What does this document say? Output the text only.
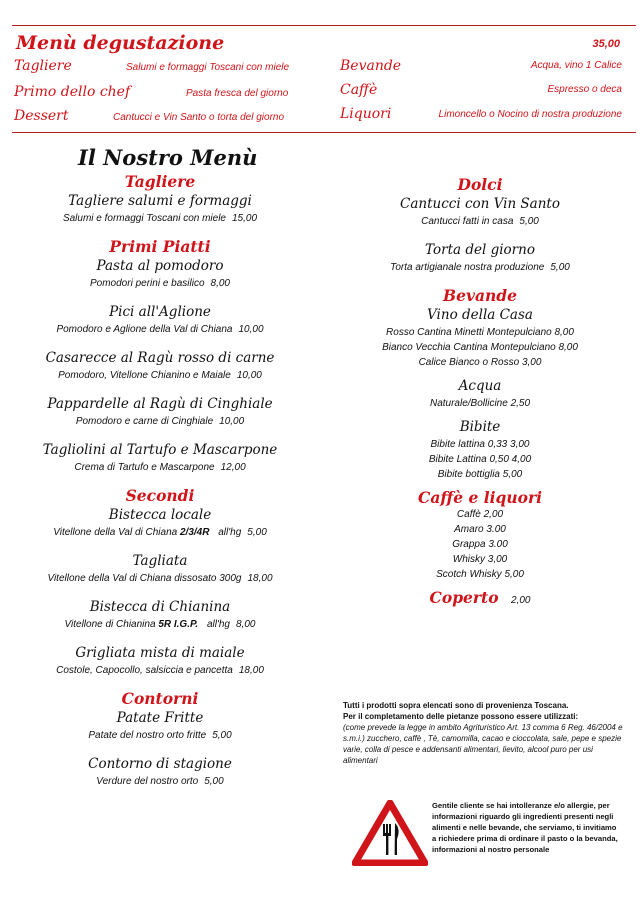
Menù degustazione	35,00
Tagliere	Salumi e formaggi Toscani con miele
Primo dello chef	Pasta fresca del giorno
Dessert	Cantucci e Vin Santo o torta del giorno
Bevande	Acqua, vino 1 Calice
Caffè	Espresso o deca
Liquori	Limoncello o Nocino di nostra produzione
Il Nostro Menù

Tagliere

Tagliere salumi e formaggi

Salumi e formaggi Toscani con miele 15,00

Primi Piatti

Pasta al pomodoro

Pomodori perini e basilico 8,00

Pici all'Aglione

Pomodoro e Aglione della Val di Chiana 10,00

Casarecce al Ragù rosso di carne

Pomodoro, Vitellone Chianino e Maiale 10,00

Pappardelle al Ragù di Cinghiale

Pomodoro e carne di Cinghiale 10,00

Tagliolini al Tartufo e Mascarpone

Crema di Tartufo e Mascarpone 12,00

Secondi

Bistecca locale

Vitellone della Val di Chiana 2/3/4R all'hg 5,00

Tagliata

Vitellone della Val di Chiana dissosato 300g 18,00

Bistecca di Chianina

Vitellone di Chianina 5R I.G.P. all'hg 8,00

Grigliata mista di maiale

Costole, Capocollo, salsiccia e pancetta 18,00

Contorni

Patate Fritte

Patate del nostro orto fritte 5,00

Contorno di stagione

Verdure del nostro orto 5,00

Dolci

Cantucci con Vin Santo

Cantucci fatti in casa 5,00

Torta del giorno

Torta artigianale nostra produzione 5,00

Bevande

Vino della Casa

Rosso Cantina Minetti Montepulciano 8,00
Bianco Vecchia Cantina Montepulciano 8,00
Calice Bianco o Rosso 3,00

Acqua

Naturale/Bollicine 2,50

Bibite

Bibite lattina 0,33 3,00
Bibite Lattina 0,50 4,00
Bibite bottiglia 5,00

Caffè e liquori

Caffè 2,00
Amaro 3.00
Grappa 3.00
Whisky 3,00
Scotch Whisky 5,00

Coperto 2,00

Tutti i prodotti sopra elencati sono di provenienza Toscana.
Per il completamento delle pietanze possono essere utilizzati:
(come prevede la legge in ambito Agrituristico Art. 13 comma 6 Reg. 46/2004 e s.m.i.) zucchero, caffè , Tè, camomilla, cacao e cioccolata, sale, pepe e spezie varie, colla di pesce e addensanti alimentari, lievito, alcool puro per usi alimentari
Gentile cliente se hai intolleranze e/o allergie, per informazioni riguardo gli ingredienti presenti negli alimenti e nelle bevande, che serviamo, ti invitiamo a richiedere prima di ordinare il pasto o la bevanda, informazioni al nostro personale
